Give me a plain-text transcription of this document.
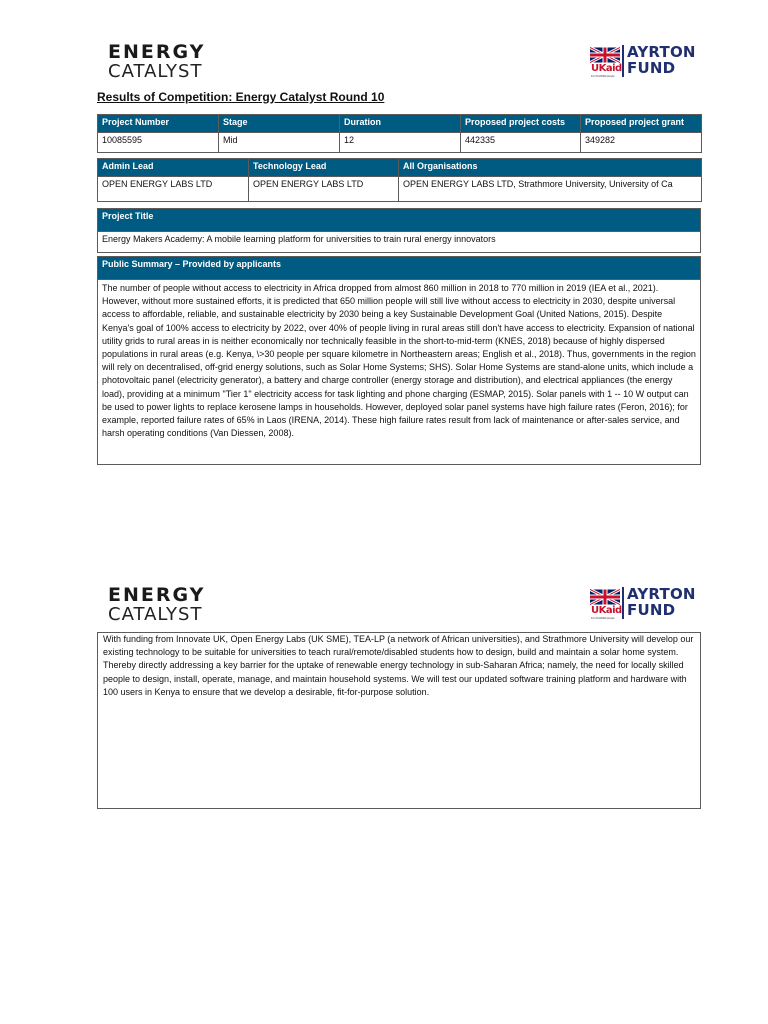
ENERGY
CATALYST	UKaid
from the British people
AYRTON
FUND
Results of Competition: Energy Catalyst Round 10
Project Number	Stage	Duration	Proposed project costs	Proposed project grant
10085595	Mid	12	442335	349282
Admin Lead	Technology Lead	All Organisations
OPEN ENERGY LABS LTD	OPEN ENERGY LABS LTD	OPEN ENERGY LABS LTD, Strathmore University, University of Ca
Project Title
Energy Makers Academy: A mobile learning platform for universities to train rural energy innovators
Public Summary – Provided by applicants
The number of people without access to electricity in Africa dropped from almost 860 million in 2018 to 770 million in 2019 (IEA et al., 2021). However, without more sustained efforts, it is predicted that 650 million people will still live without access to electricity in 2030, despite universal access to affordable, reliable, and sustainable electricity by 2030 being a key Sustainable Development Goal (United Nations, 2015). Despite Kenya's goal of 100% access to electricity by 2022, over 40% of people living in rural areas still don't have access to electricity. Expansion of national utility grids to rural areas in is neither economically nor technically feasible in the short-to-mid-term (KNES, 2018) because of highly dispersed populations in rural areas (e.g. Kenya, \>30 people per square kilometre in Northeastern areas; English et al., 2018). Thus, governments in the region will rely on decentralised, off-grid energy solutions, such as Solar Home Systems; SHS). Solar Home Systems are stand-alone units, which include a photovoltaic panel (electricity generator), a battery and charge controller (energy storage and distribution), and electrical appliances (the energy load), providing at a minimum "Tier 1" electricity access for task lighting and phone charging (ESMAP, 2015). Solar panels with 1 -- 10 W output can be used to power lights to replace kerosene lamps in households. However, deployed solar panel systems have high failure rates (Feron, 2016); for example, reported failure rates of 65% in Laos (IRENA, 2014). These high failure rates result from lack of maintenance or after-sales service, and harsh operating conditions (Van Diessen, 2008).
ENERGY
CATALYST	UKaid
from the British people
AYRTON
FUND
With funding from Innovate UK, Open Energy Labs (UK SME), TEA-LP (a network of African universities), and Strathmore University will develop our existing technology to be suitable for universities to teach rural/remote/disabled students how to design, build and maintain a solar home system. Thereby directly addressing a key barrier for the uptake of renewable energy technology in sub-Saharan Africa; namely, the need for locally skilled people to design, install, operate, manage, and maintain household systems. We will test our updated software training platform and hardware with 100 users in Kenya to ensure that we develop a desirable, fit-for-purpose solution.
